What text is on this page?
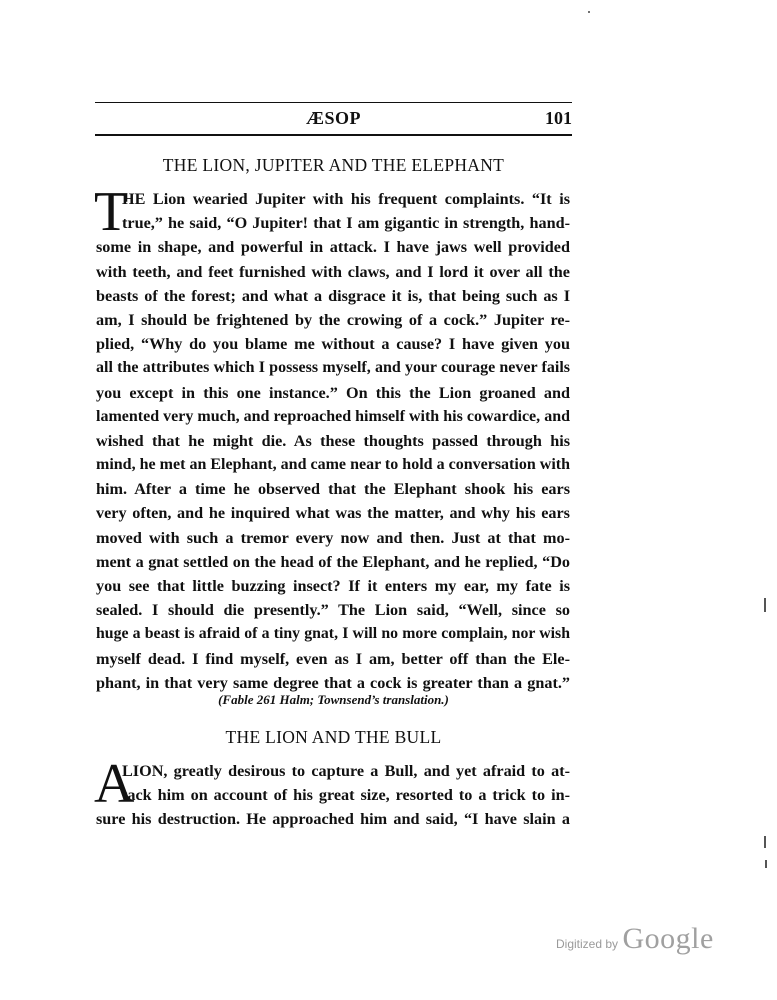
ÆSOP	101
THE LION, JUPITER AND THE ELEPHANT
T
HE Lion wearied Jupiter with his frequent complaints. “It is
true,” he said, “O Jupiter! that I am gigantic in strength, hand-
some in shape, and powerful in attack. I have jaws well provided
with teeth, and feet furnished with claws, and I lord it over all the
beasts of the forest; and what a disgrace it is, that being such as I
am, I should be frightened by the crowing of a cock.” Jupiter re-
plied, “Why do you blame me without a cause? I have given you
all the attributes which I possess myself, and your courage never fails
you except in this one instance.” On this the Lion groaned and
lamented very much, and reproached himself with his cowardice, and
wished that he might die. As these thoughts passed through his
mind, he met an Elephant, and came near to hold a conversation with
him. After a time he observed that the Elephant shook his ears
very often, and he inquired what was the matter, and why his ears
moved with such a tremor every now and then. Just at that mo-
ment a gnat settled on the head of the Elephant, and he replied, “Do
you see that little buzzing insect? If it enters my ear, my fate is
sealed. I should die presently.” The Lion said, “Well, since so
huge a beast is afraid of a tiny gnat, I will no more complain, nor wish
myself dead. I find myself, even as I am, better off than the Ele-
phant, in that very same degree that a cock is greater than a gnat.”
(Fable 261 Halm; Townsend’s translation.)
THE LION AND THE BULL
A
LION, greatly desirous to capture a Bull, and yet afraid to at-
tack him on account of his great size, resorted to a trick to in-
sure his destruction. He approached him and said, “I have slain a
Digitized by Google
